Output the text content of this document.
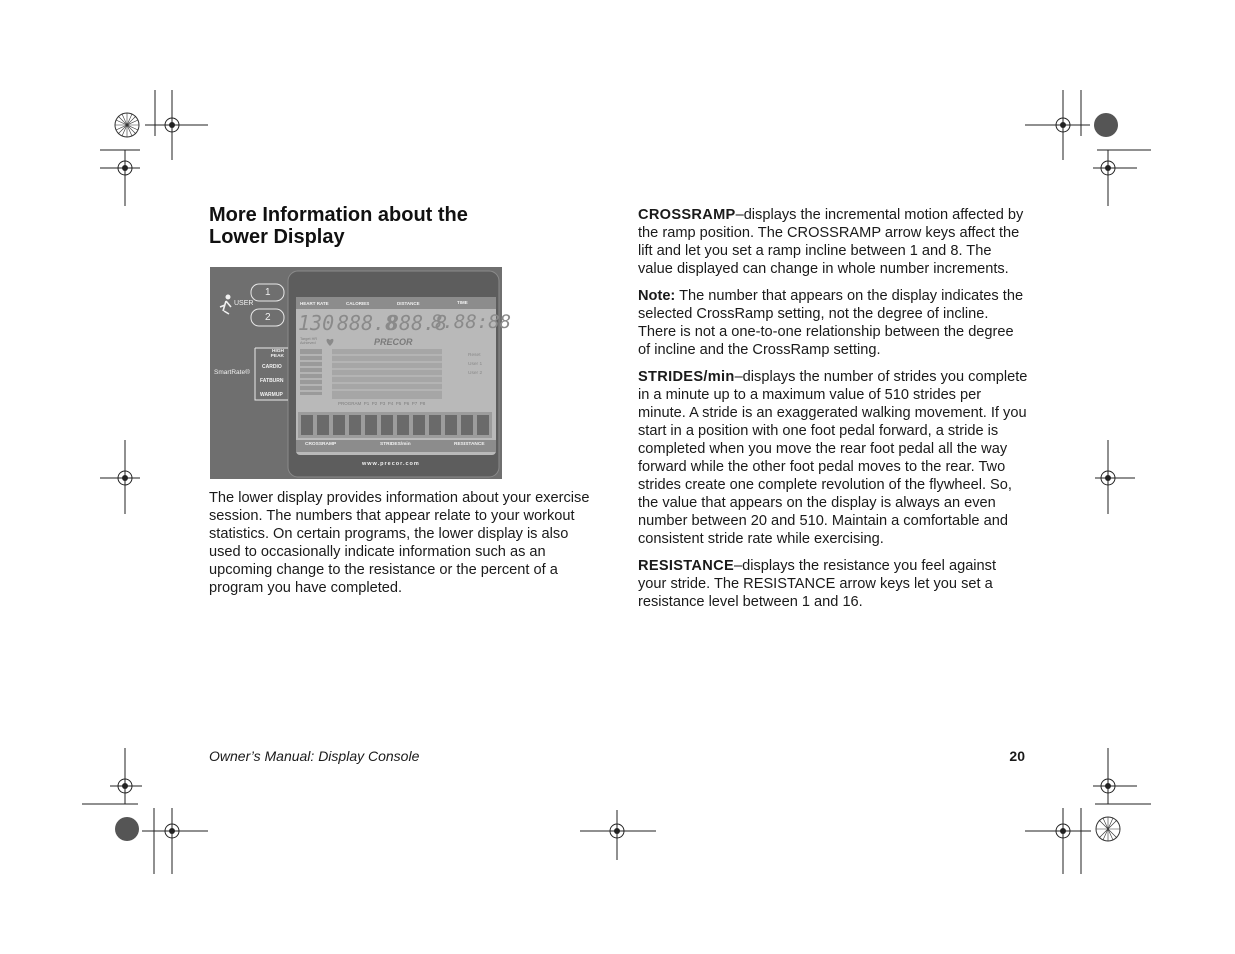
More Information about the
Lower Display
USER
1
2
SmartRate®
HIGH PEAK
CARDIO
FATBURN
WARMUP
HEART RATE	CALORIES	DISTANCE	TIME
130 888.8
888.8
8.88:88
Target HR Achieved	PRECOR
Reset
User 1
User 2
PROGRAM  P1  P2  P3  P4  P5  P6  P7  P8
CROSSRAMP	STRIDES/min	RESISTANCE
www.precor.com

The lower display provides information about your exercise session. The numbers that appear relate to your workout statistics. On certain programs, the lower display is also used to occasionally indicate information such as an upcoming change to the resistance or the percent of a program you have completed.

CROSSRAMP–displays the incremental motion affected by the ramp position. The CROSSRAMP arrow keys affect the lift and let you set a ramp incline between 1 and 8. The value displayed can change in whole number increments.

Note: The number that appears on the display indicates the selected CrossRamp setting, not the degree of incline. There is not a one-to-one relationship between the degree of incline and the CrossRamp setting.

STRIDES/min–displays the number of strides you complete in a minute up to a maximum value of 510 strides per minute. A stride is an exaggerated walking movement. If you start in a position with one foot pedal forward, a stride is completed when you move the rear foot pedal all the way forward while the other foot pedal moves to the rear. Two strides create one complete revolution of the flywheel. So, the value that appears on the display is always an even number between 20 and 510. Maintain a comfortable and consistent stride rate while exercising.

RESISTANCE–displays the resistance you feel against your stride. The RESISTANCE arrow keys let you set a resistance level between 1 and 16.

Owner’s Manual: Display Console	20
